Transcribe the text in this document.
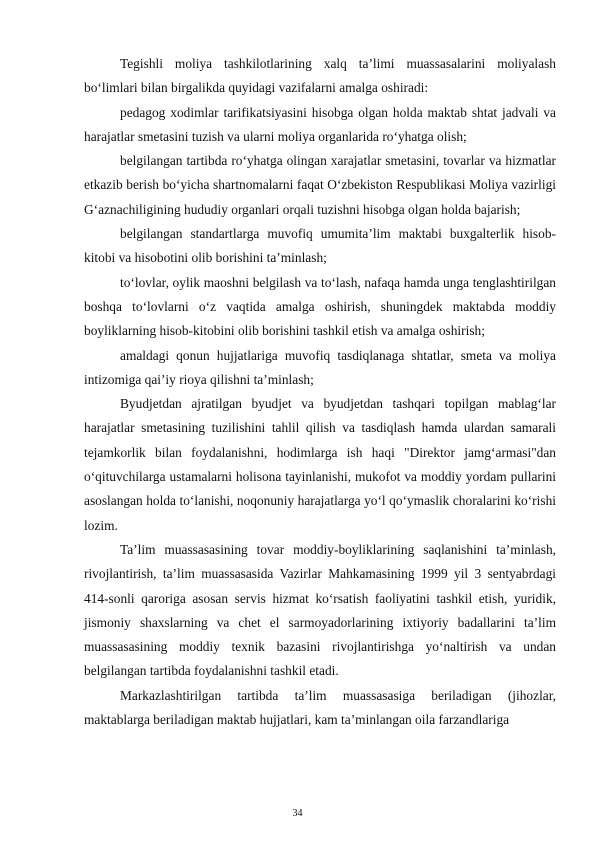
Tegishli moliya tashkilotlarining xalq ta’limi muassasalarini moliyalash bo‘limlari bilan birgalikda quyidagi vazifalarni amalga oshiradi:

pedagog xodimlar tarifikatsiyasini hisobga olgan holda maktab shtat jadvali va harajatlar smetasini tuzish va ularni moliya organlarida ro‘yhatga olish;

belgilangan tartibda ro‘yhatga olingan xarajatlar smetasini, tovarlar va hizmatlar etkazib berish bo‘yicha shartnomalarni faqat O‘zbekiston Respublikasi Moliya vazirligi G‘aznachiligining hududiy organlari orqali tuzishni hisobga olgan holda bajarish;

belgilangan standartlarga muvofiq umumita’lim maktabi buxgalterlik hisob-kitobi va hisobotini olib borishini ta’minlash;

to‘lovlar, oylik maoshni belgilash va to‘lash, nafaqa hamda unga tenglashtirilgan boshqa to‘lovlarni o‘z vaqtida amalga oshirish, shuningdek maktabda moddiy boyliklarning hisob-kitobini olib borishini tashkil etish va amalga oshirish;

amaldagi qonun hujjatlariga muvofiq tasdiqlanaga shtatlar, smeta va moliya intizomiga qai’iy rioya qilishni ta’minlash;

Byudjetdan ajratilgan byudjet va byudjetdan tashqari topilgan mablag‘lar harajatlar smetasining tuzilishini tahlil qilish va tasdiqlash hamda ulardan samarali tejamkorlik bilan foydalanishni, hodimlarga ish haqi "Direktor jamg‘armasi"dan o‘qituvchilarga ustamalarni holisona tayinlanishi, mukofot va moddiy yordam pullarini asoslangan holda to‘lanishi, noqonuniy harajatlarga yo‘l qo‘ymaslik choralarini ko‘rishi lozim.

Ta’lim muassasasining tovar moddiy-boyliklarining saqlanishini ta’minlash, rivojlantirish, ta’lim muassasasida Vazirlar Mahkamasining 1999 yil 3 sentyabrdagi 414-sonli qaroriga asosan servis hizmat ko‘rsatish faoliyatini tashkil etish, yuridik, jismoniy shaxslarning va chet el sarmoyadorlarining ixtiyoriy badallarini ta’lim muassasasining moddiy texnik bazasini rivojlantirishga yo‘naltirish va undan belgilangan tartibda foydalanishni tashkil etadi.

Markazlashtirilgan tartibda ta’lim muassasasiga beriladigan (jihozlar, maktablarga beriladigan maktab hujjatlari, kam ta’minlangan oila farzandlariga

34
